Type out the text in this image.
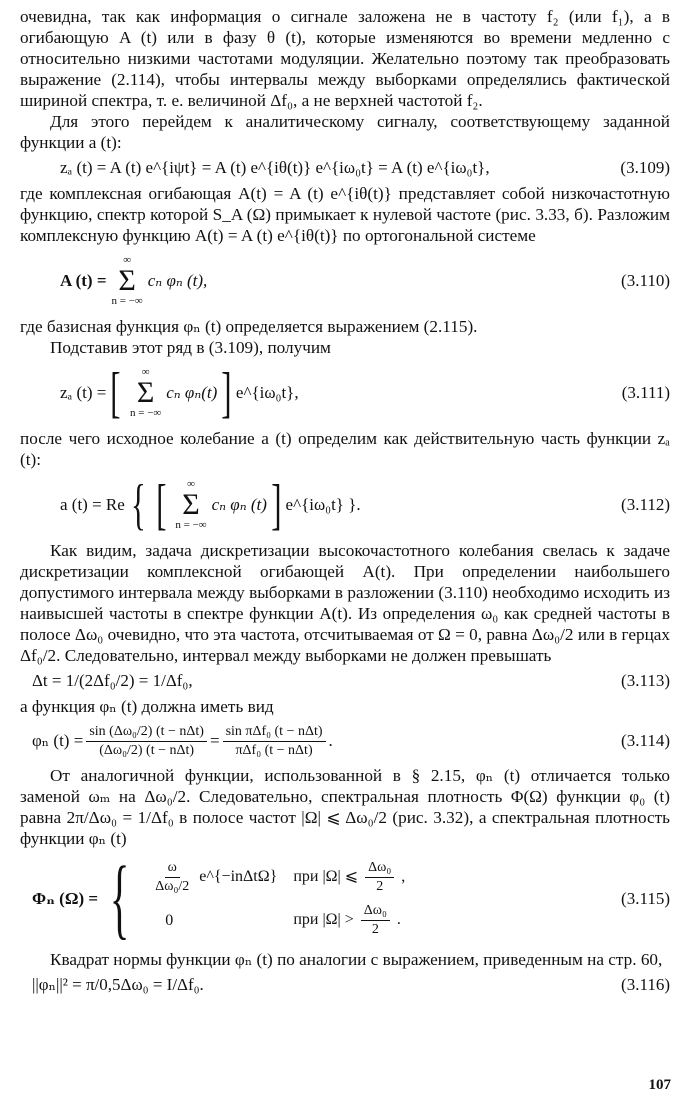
очевидна, так как информация о сигнале заложена не в частоту f₂ (или f₁), а в огибающую A (t) или в фазу θ (t), которые изменяются во времени медленно с относительно низкими частотами модуляции. Желательно поэтому так преобразовать выражение (2.114), чтобы интервалы между выборками определялись фактической шириной спектра, т. е. величиной Δf₀, а не верхней частотой f₂.

Для этого перейдем к аналитическому сигналу, соответствующему заданной функции a (t):

zₐ (t) = A (t) e^{iψt} = A (t) e^{iθ(t)} e^{iω₀t} = A (t) e^{iω₀t},	(3.109)

где комплексная огибающая A(t) = A (t) e^{iθ(t)} представляет собой низкочастотную функцию, спектр которой S_A (Ω) примыкает к нулевой частоте (рис. 3.33, б). Разложим комплексную функцию A(t) = A (t) e^{iθ(t)} по ортогональной системе

A (t) =
∞
Σ
n = −∞
cₙ φₙ (t),	(3.110)

где базисная функция φₙ (t) определяется выражением (2.115).

Подставив этот ряд в (3.109), получим

zₐ (t) = [ ∞
Σ
n = −∞
cₙ φₙ(t) ] e^{iω₀t},	(3.111)

после чего исходное колебание a (t) определим как действительную часть функции zₐ (t):

a (t) = Re { [ ∞
Σ
n = −∞
cₙ φₙ (t) ] e^{iω₀t} }.	(3.112)

Как видим, задача дискретизации высокочастотного колебания свелась к задаче дискретизации комплексной огибающей A(t). При определении наибольшего допустимого интервала между выборками в разложении (3.110) необходимо исходить из наивысшей частоты в спектре функции A(t). Из определения ω₀ как средней частоты в полосе Δω₀ очевидно, что эта частота, отсчитываемая от Ω = 0, равна Δω₀/2 или в герцах Δf₀/2. Следовательно, интервал между выборками не должен превышать

Δt = 1/(2Δf₀/2) = 1/Δf₀,	(3.113)

а функция φₙ (t) должна иметь вид

φₙ $(t) = \frac{\text{sin (Δω₀/2) (t − nΔt)}}{\text{(Δω₀/2) (t − nΔt)}} = \frac{\text{sin πΔf₀ (t − nΔt)}}{\text{πΔf₀ (t − nΔt)}}$ .	(3.114)

От аналогичной функции, использованной в § 2.15, φₙ (t) отличается только заменой ωₘ на Δω₀/2. Следовательно, спектральная плотность Φ(Ω) функции φ₀ (t) равна 2π/Δω₀ = 1/Δf₀ в полосе частот |Ω| ⩽ Δω₀/2 (рис. 3.32), а спектральная плотность функции φₙ (t)

Φₙ (Ω) = { $\frac{\omega}{\text{Δω₀/2}}$ e^{−inΔtΩ}	при |Ω| ⩽ $\frac{\text{Δω₀}}{2}$ ,
0	при $|\Omega| > \frac{\text{Δω₀}}{2}$ .
(3.115)

Квадрат нормы функции φₙ (t) по аналогии с выражением, приведенным на стр. 60,

||φₙ||² = π/0,5Δω₀ = I/Δf₀.	(3.116)
107
